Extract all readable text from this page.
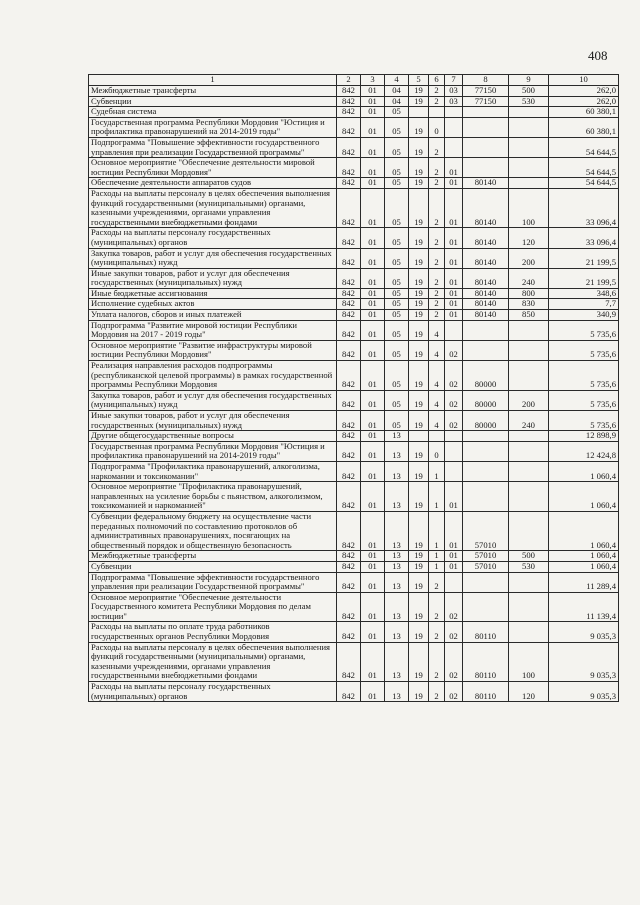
408
1	2	3	4	5	6	7	8	9	10
Межбюджетные трансферты	842	01	04	19	2	03	77150	500	262,0
Субвенции	842	01	04	19	2	03	77150	530	262,0
Судебная система	842	01	05						60 380,1
Государственная программа Республики Мордовия "Юстиция и профилактика правонарушений на 2014-2019 годы"	842	01	05	19	0				60 380,1
Подпрограмма "Повышение эффективности государственного управления при реализации Государственной программы"	842	01	05	19	2				54 644,5
Основное мероприятие "Обеспечение деятельности мировой юстиции Республики Мордовия"	842	01	05	19	2	01			54 644,5
Обеспечение деятельности аппаратов судов	842	01	05	19	2	01	80140		54 644,5
Расходы на выплаты персоналу в целях обеспечения выполнения функций государственными (муниципальными) органами, казенными учреждениями, органами управления государственными внебюджетными фондами	842	01	05	19	2	01	80140	100	33 096,4
Расходы на выплаты персоналу государственных (муниципальных) органов	842	01	05	19	2	01	80140	120	33 096,4
Закупка товаров, работ и услуг для обеспечения государственных (муниципальных) нужд	842	01	05	19	2	01	80140	200	21 199,5
Иные закупки товаров, работ и услуг для обеспечения государственных (муниципальных) нужд	842	01	05	19	2	01	80140	240	21 199,5
Иные бюджетные ассигнования	842	01	05	19	2	01	80140	800	348,6
Исполнение судебных актов	842	01	05	19	2	01	80140	830	7,7
Уплата налогов, сборов и иных платежей	842	01	05	19	2	01	80140	850	340,9
Подпрограмма "Развитие мировой юстиции Республики Мордовия на 2017 - 2019 годы"	842	01	05	19	4				5 735,6
Основное мероприятие "Развитие инфраструктуры мировой юстиции Республики Мордовия"	842	01	05	19	4	02			5 735,6
Реализация направления расходов подпрограммы (республиканской целевой программы) в рамках государственной программы Республики Мордовия	842	01	05	19	4	02	80000		5 735,6
Закупка товаров, работ и услуг для обеспечения государственных (муниципальных) нужд	842	01	05	19	4	02	80000	200	5 735,6
Иные закупки товаров, работ и услуг для обеспечения государственных (муниципальных) нужд	842	01	05	19	4	02	80000	240	5 735,6
Другие общегосударственные вопросы	842	01	13						12 898,9
Государственная программа Республики Мордовия "Юстиция и профилактика правонарушений на 2014-2019 годы"	842	01	13	19	0				12 424,8
Подпрограмма "Профилактика правонарушений, алкоголизма, наркомании и токсикомании"	842	01	13	19	1				1 060,4
Основное мероприятие "Профилактика правонарушений, направленных на усиление борьбы с пьянством, алкоголизмом, токсикоманией и наркоманией"	842	01	13	19	1	01			1 060,4
Субвенции федеральному бюджету на осуществление части переданных полномочий по составлению протоколов об административных правонарушениях, посягающих на общественный порядок и общественную безопасность	842	01	13	19	1	01	57010		1 060,4
Межбюджетные трансферты	842	01	13	19	1	01	57010	500	1 060,4
Субвенции	842	01	13	19	1	01	57010	530	1 060,4
Подпрограмма "Повышение эффективности государственного управления при реализации Государственной программы"	842	01	13	19	2				11 289,4
Основное мероприятие "Обеспечение деятельности Государственного комитета Республики Мордовия по делам юстиции"	842	01	13	19	2	02			11 139,4
Расходы на выплаты по оплате труда работников государственных органов Республики Мордовия	842	01	13	19	2	02	80110		9 035,3
Расходы на выплаты персоналу в целях обеспечения выполнения функций государственными (муниципальными) органами, казенными учреждениями, органами управления государственными внебюджетными фондами	842	01	13	19	2	02	80110	100	9 035,3
Расходы на выплаты персоналу государственных (муниципальных) органов	842	01	13	19	2	02	80110	120	9 035,3
